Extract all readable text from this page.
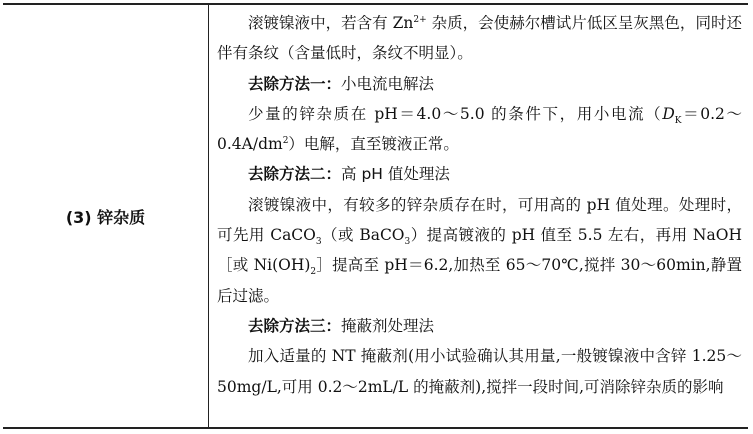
(3) 锌杂质

滚镀镍液中，若含有 $Zn^{2+}$ 杂质，会使赫尔槽试片低区呈灰黑色，同时还伴有条纹（含量低时，条纹不明显）。

去除方法一：小电流电解法

少量的锌杂质在 pH＝4.0～5.0 的条件下，用小电流$(D_K=0.2\sim 0.4A/dm^2)$电解，直至镀液正常。

去除方法二：高 pH 值处理法

滚镀镍液中，有较多的锌杂质存在时，可用高的 pH 值处理。处理时，可先用 CaCO$_3$（或 BaCO$_3$）提高镀液的 pH 值至 5.5 左右，再用 NaOH［或 $Ni(OH)_2]$提高至 pH＝6.2,加热至 65～70℃,搅拌 30～60min,静置后过滤。

去除方法三：掩蔽剂处理法

加入适量的 NT 掩蔽剂(用小试验确认其用量,一般镀镍液中含锌 1.25～50mg/L,可用 0.2～2mL/L 的掩蔽剂),搅拌一段时间,可消除锌杂质的影响
